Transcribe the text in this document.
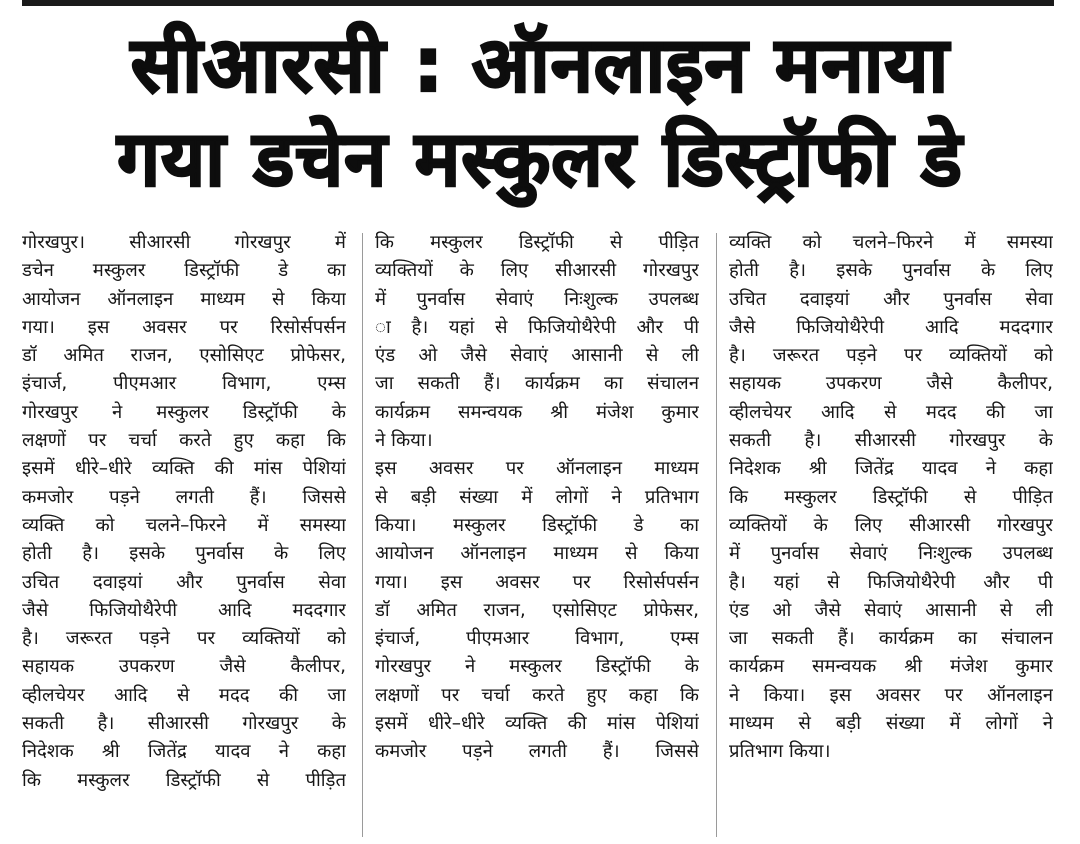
सीआरसी : ऑनलाइन मनाया
गया डचेन मस्कुलर डिस्ट्रॉफी डे

गोरखपुर। सीआरसी गोरखपुर में

डचेन मस्कुलर डिस्ट्रॉफी डे का

आयोजन ऑनलाइन माध्यम से किया

गया। इस अवसर पर रिसोर्सपर्सन

डॉ अमित राजन, एसोसिएट प्रोफेसर,

इंचार्ज, पीएमआर विभाग, एम्स

गोरखपुर ने मस्कुलर डिस्ट्रॉफी के

लक्षणों पर चर्चा करते हुए कहा कि

इसमें धीरे–धीरे व्यक्ति की मांस पेशियां

कमजोर पड़ने लगती हैं। जिससे

व्यक्ति को चलने–फिरने में समस्या

होती है। इसके पुनर्वास के लिए

उचित दवाइयां और पुनर्वास सेवा

जैसे फिजियोथैरेपी आदि मददगार

है। जरूरत पड़ने पर व्यक्तियों को

सहायक उपकरण जैसे कैलीपर,

व्हीलचेयर आदि से मदद की जा

सकती है। सीआरसी गोरखपुर के

निदेशक श्री जितेंद्र यादव ने कहा

कि मस्कुलर डिस्ट्रॉफी से पीड़ित

कि मस्कुलर डिस्ट्रॉफी से पीड़ित

व्यक्तियों के लिए सीआरसी गोरखपुर

में पुनर्वास सेवाएं निःशुल्क उपलब्ध

ा है। यहां से फिजियोथैरेपी और पी

एंड ओ जैसे सेवाएं आसानी से ली

जा सकती हैं। कार्यक्रम का संचालन

कार्यक्रम समन्वयक श्री मंजेश कुमार

ने किया।

इस अवसर पर ऑनलाइन माध्यम

से बड़ी संख्या में लोगों ने प्रतिभाग

किया। मस्कुलर डिस्ट्रॉफी डे का

आयोजन ऑनलाइन माध्यम से किया

गया। इस अवसर पर रिसोर्सपर्सन

डॉ अमित राजन, एसोसिएट प्रोफेसर,

इंचार्ज, पीएमआर विभाग, एम्स

गोरखपुर ने मस्कुलर डिस्ट्रॉफी के

लक्षणों पर चर्चा करते हुए कहा कि

इसमें धीरे–धीरे व्यक्ति की मांस पेशियां

कमजोर पड़ने लगती हैं। जिससे

व्यक्ति को चलने–फिरने में समस्या

होती है। इसके पुनर्वास के लिए

उचित दवाइयां और पुनर्वास सेवा

जैसे फिजियोथैरेपी आदि मददगार

है। जरूरत पड़ने पर व्यक्तियों को

सहायक उपकरण जैसे कैलीपर,

व्हीलचेयर आदि से मदद की जा

सकती है। सीआरसी गोरखपुर के

निदेशक श्री जितेंद्र यादव ने कहा

कि मस्कुलर डिस्ट्रॉफी से पीड़ित

व्यक्तियों के लिए सीआरसी गोरखपुर

में पुनर्वास सेवाएं निःशुल्क उपलब्ध

है। यहां से फिजियोथैरेपी और पी

एंड ओ जैसे सेवाएं आसानी से ली

जा सकती हैं। कार्यक्रम का संचालन

कार्यक्रम समन्वयक श्री मंजेश कुमार

ने किया। इस अवसर पर ऑनलाइन

माध्यम से बड़ी संख्या में लोगों ने

प्रतिभाग किया।
